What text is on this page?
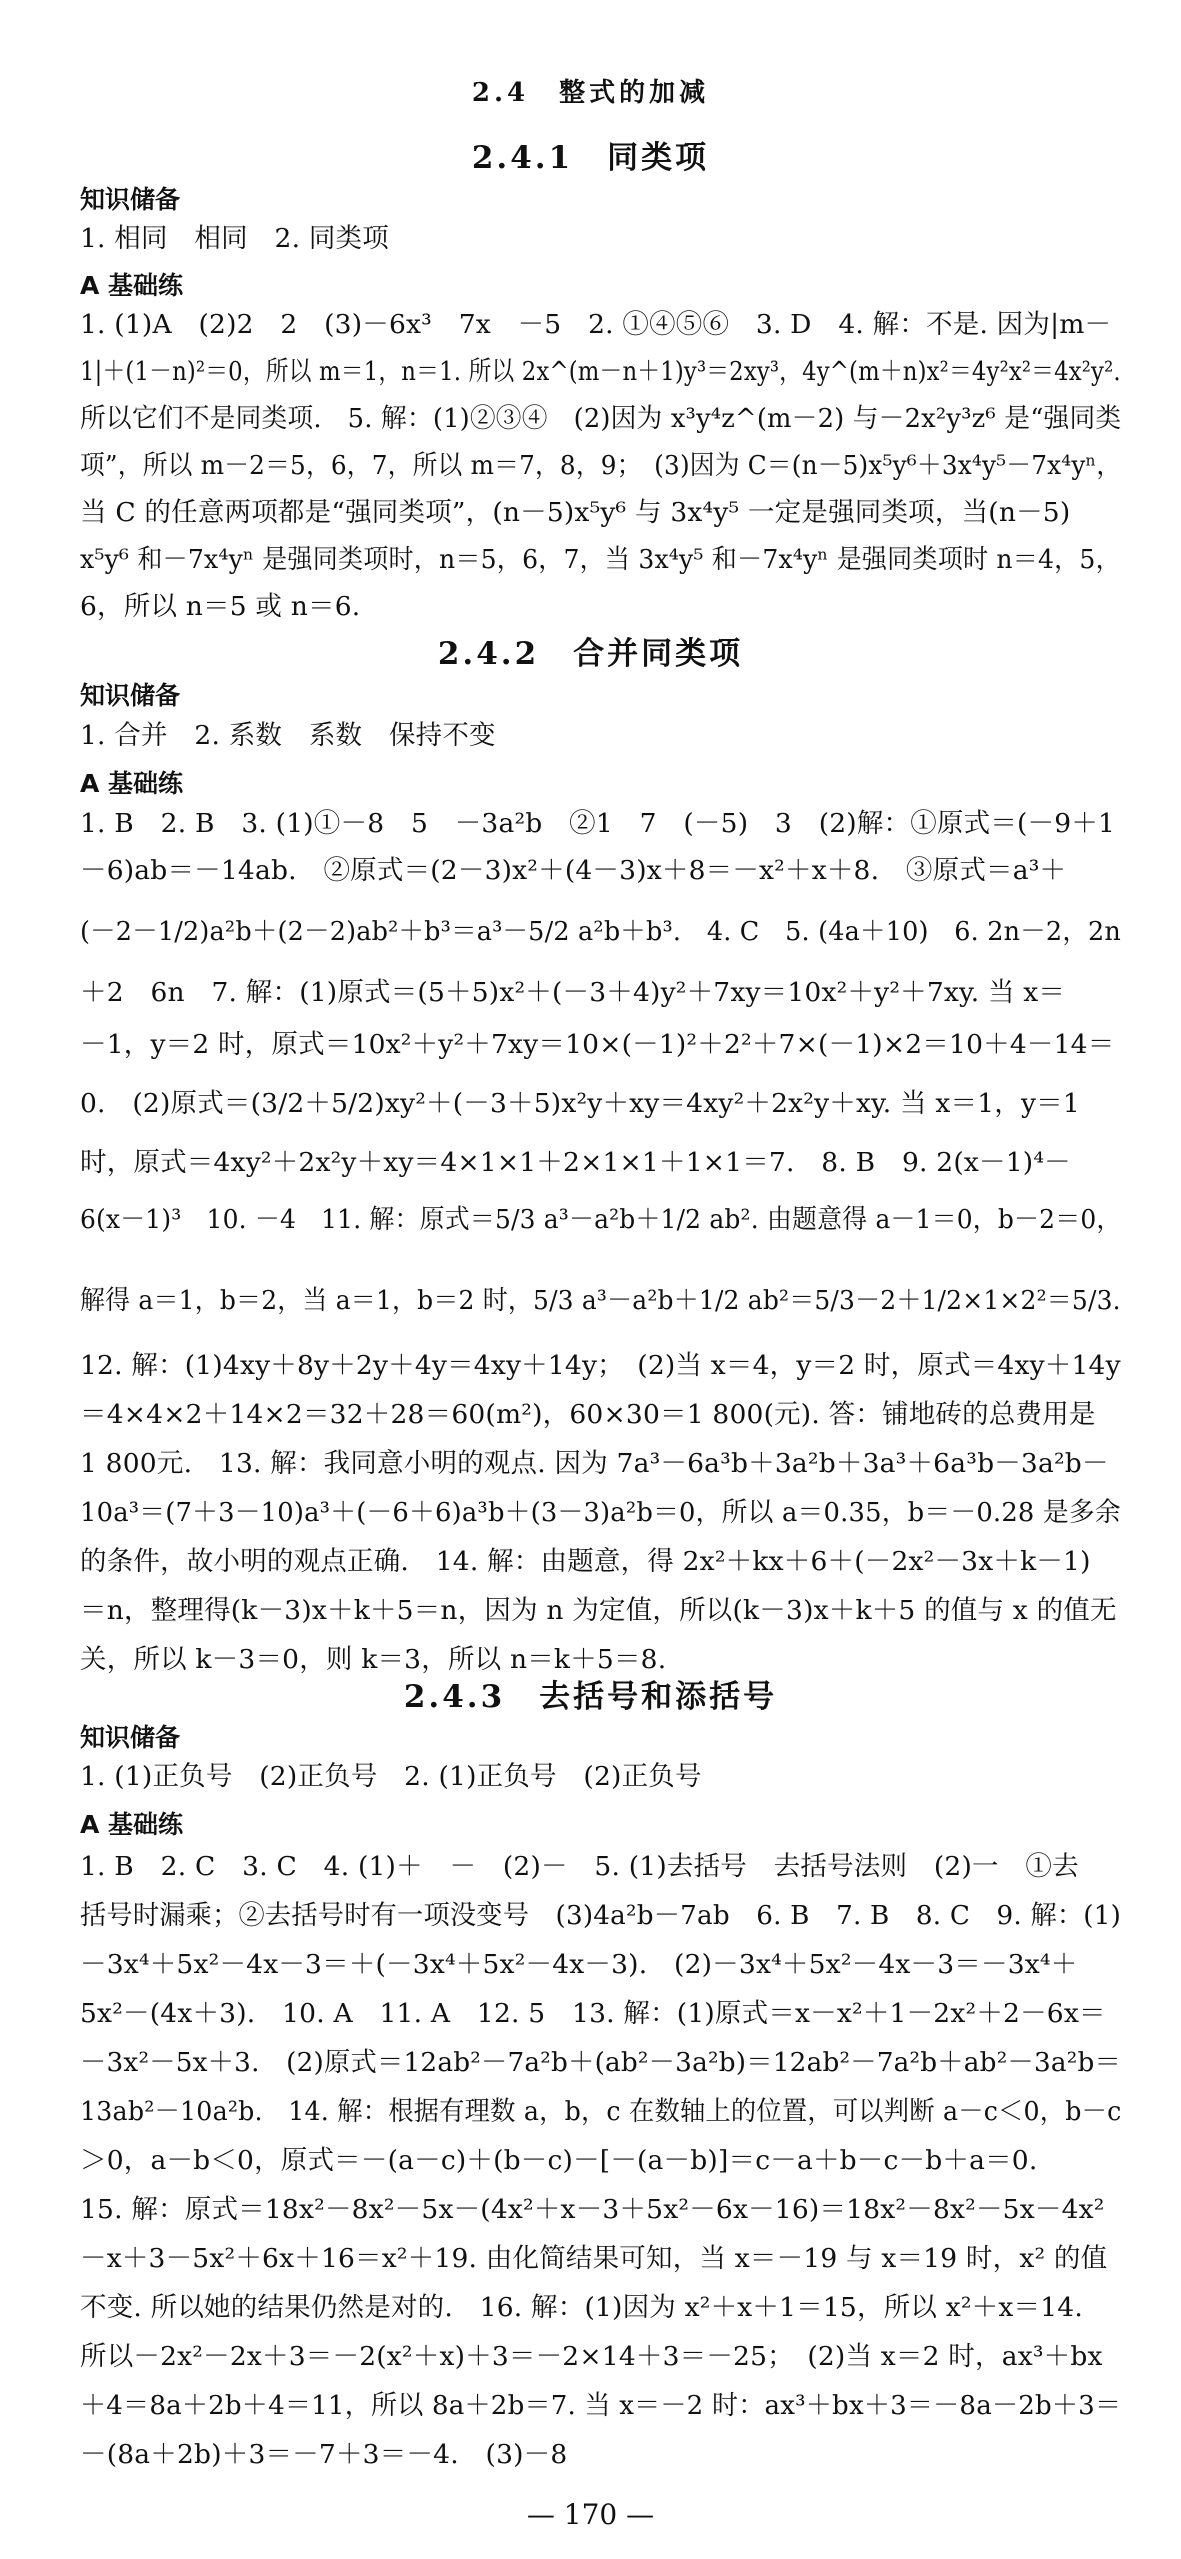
2.4　整式的加减
2.4.1　同类项
知识储备
1. 相同　相同　2. 同类项
A 基础练
1. (1)A　(2)2　2　(3)－6x³　7x　－5　2. ①④⑤⑥　3. D　4. 解：不是. 因为|m－
1|＋(1－n)²＝0，所以 m＝1，n＝1. 所以 2x^(m－n＋1)y³＝2xy³，4y^(m＋n)x²＝4y²x²＝4x²y².
所以它们不是同类项.　5. 解：(1)②③④　(2)因为 x³y⁴z^(m－2) 与－2x²y³z⁶ 是“强同类
项”，所以 m－2＝5，6，7，所以 m＝7，8，9；　(3)因为 C＝(n－5)x⁵y⁶＋3x⁴y⁵－7x⁴yⁿ，
当 C 的任意两项都是“强同类项”，(n－5)x⁵y⁶ 与 3x⁴y⁵ 一定是强同类项，当(n－5)
x⁵y⁶ 和－7x⁴yⁿ 是强同类项时，n＝5，6，7，当 3x⁴y⁵ 和－7x⁴yⁿ 是强同类项时 n＝4，5，
6，所以 n＝5 或 n＝6.
2.4.2　合并同类项
知识储备
1. 合并　2. 系数　系数　保持不变
A 基础练
1. B　2. B　3. (1)①－8　5　－3a²b　②1　7　(－5)　3　(2)解：①原式＝(－9＋1
－6)ab＝－14ab.　②原式＝(2－3)x²＋(4－3)x＋8＝－x²＋x＋8.　③原式＝a³＋
(－2－1/2)a²b＋(2－2)ab²＋b³＝a³－5/2 a²b＋b³.　4. C　5. (4a＋10)　6. 2n－2，2n
＋2　6n　7. 解：(1)原式＝(5＋5)x²＋(－3＋4)y²＋7xy＝10x²＋y²＋7xy. 当 x＝
－1，y＝2 时，原式＝10x²＋y²＋7xy＝10×(－1)²＋2²＋7×(－1)×2＝10＋4－14＝
0.　(2)原式＝(3/2＋5/2)xy²＋(－3＋5)x²y＋xy＝4xy²＋2x²y＋xy. 当 x＝1，y＝1
时，原式＝4xy²＋2x²y＋xy＝4×1×1＋2×1×1＋1×1＝7.　8. B　9. 2(x－1)⁴－
6(x－1)³　10. －4　11. 解：原式＝5/3 a³－a²b＋1/2 ab². 由题意得 a－1＝0，b－2＝0，
解得 a＝1，b＝2，当 a＝1，b＝2 时，5/3 a³－a²b＋1/2 ab²＝5/3－2＋1/2×1×2²＝5/3.
12. 解：(1)4xy＋8y＋2y＋4y＝4xy＋14y；　(2)当 x＝4，y＝2 时，原式＝4xy＋14y
＝4×4×2＋14×2＝32＋28＝60(m²)，60×30＝1 800(元). 答：铺地砖的总费用是
1 800元.　13. 解：我同意小明的观点. 因为 7a³－6a³b＋3a²b＋3a³＋6a³b－3a²b－
10a³＝(7＋3－10)a³＋(－6＋6)a³b＋(3－3)a²b＝0，所以 a＝0.35，b＝－0.28 是多余
的条件，故小明的观点正确.　14. 解：由题意，得 2x²＋kx＋6＋(－2x²－3x＋k－1)
＝n，整理得(k－3)x＋k＋5＝n，因为 n 为定值，所以(k－3)x＋k＋5 的值与 x 的值无
关，所以 k－3＝0，则 k＝3，所以 n＝k＋5＝8.
2.4.3　去括号和添括号
知识储备
1. (1)正负号　(2)正负号　2. (1)正负号　(2)正负号
A 基础练
1. B　2. C　3. C　4. (1)＋　－　(2)－　5. (1)去括号　去括号法则　(2)一　①去
括号时漏乘；②去括号时有一项没变号　(3)4a²b－7ab　6. B　7. B　8. C　9. 解：(1)
－3x⁴＋5x²－4x－3＝＋(－3x⁴＋5x²－4x－3).　(2)－3x⁴＋5x²－4x－3＝－3x⁴＋
5x²－(4x＋3).　10. A　11. A　12. 5　13. 解：(1)原式＝x－x²＋1－2x²＋2－6x＝
－3x²－5x＋3.　(2)原式＝12ab²－7a²b＋(ab²－3a²b)＝12ab²－7a²b＋ab²－3a²b＝
13ab²－10a²b.　14. 解：根据有理数 a，b，c 在数轴上的位置，可以判断 a－c＜0，b－c
＞0，a－b＜0，原式＝－(a－c)＋(b－c)－[－(a－b)]＝c－a＋b－c－b＋a＝0.
15. 解：原式＝18x²－8x²－5x－(4x²＋x－3＋5x²－6x－16)＝18x²－8x²－5x－4x²
－x＋3－5x²＋6x＋16＝x²＋19. 由化简结果可知，当 x＝－19 与 x＝19 时，x² 的值
不变. 所以她的结果仍然是对的.　16. 解：(1)因为 x²＋x＋1＝15，所以 x²＋x＝14.
所以－2x²－2x＋3＝－2(x²＋x)＋3＝－2×14＋3＝－25；　(2)当 x＝2 时，ax³＋bx
＋4＝8a＋2b＋4＝11，所以 8a＋2b＝7. 当 x＝－2 时：ax³＋bx＋3＝－8a－2b＋3＝
－(8a＋2b)＋3＝－7＋3＝－4.　(3)－8
— 170 —
